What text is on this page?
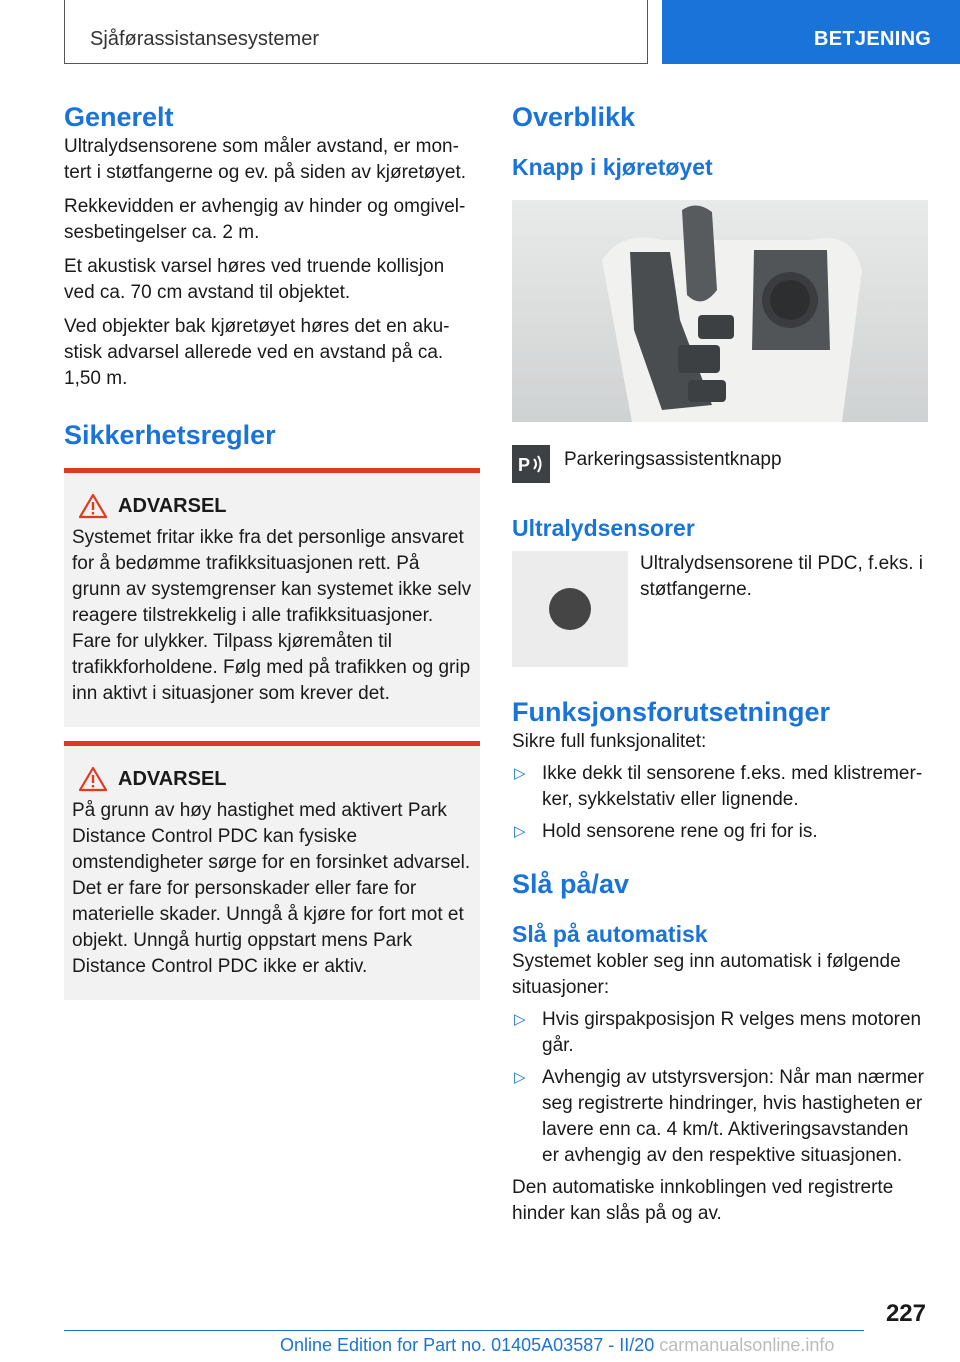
Sjåførassistansesystemer	BETJENING
Generelt

Ultralydsensorene som måler avstand, er montert i støtfangerne og ev. på siden av kjøretøyet.

Rekkevidden er avhengig av hinder og omgivelsesbetingelser ca. 2 m.

Et akustisk varsel høres ved truende kollisjon ved ca. 70 cm avstand til objektet.

Ved objekter bak kjøretøyet høres det en akustisk advarsel allerede ved en avstand på ca. 1,50 m.

Sikkerhetsregler
ADVARSEL

Systemet fritar ikke fra det personlige ansvaret for å bedømme trafikksituasjonen rett. På grunn av systemgrenser kan systemet ikke selv reagere tilstrekkelig i alle trafikksituasjoner. Fare for ulykker. Tilpass kjøremåten til trafikkforholdene. Følg med på trafikken og grip inn aktivt i situasjoner som krever det.

ADVARSEL

På grunn av høy hastighet med aktivert Park Distance Control PDC kan fysiske omstendigheter sørge for en forsinket advarsel. Det er fare for personskader eller fare for materielle skader. Unngå å kjøre for fort mot et objekt. Unngå hurtig oppstart mens Park Distance Control PDC ikke er aktiv.

Overblikk
Knapp i kjøretøyet
P Parkeringsassistentknapp

Ultralydsensorer

Ultralydsensorene til PDC, f.eks. i støtfangerne.

Funksjonsforutsetninger

Sikre full funksjonalitet:

▷ Ikke dekk til sensorene f.eks. med klistremerker, sykkelstativ eller lignende.
▷ Hold sensorene rene og fri for is.
Slå på/av
Slå på automatisk

Systemet kobler seg inn automatisk i følgende situasjoner:

▷ Hvis girspakposisjon R velges mens motoren går.
▷ Avhengig av utstyrsversjon: Når man nærmer seg registrerte hindringer, hvis hastigheten er lavere enn ca. 4 km/t. Aktiveringsavstanden er avhengig av den respektive situasjonen.

Den automatiske innkoblingen ved registrerte hinder kan slås på og av.

227
Online Edition for Part no. 01405A03587 - II/20 carmanualsonline.info
